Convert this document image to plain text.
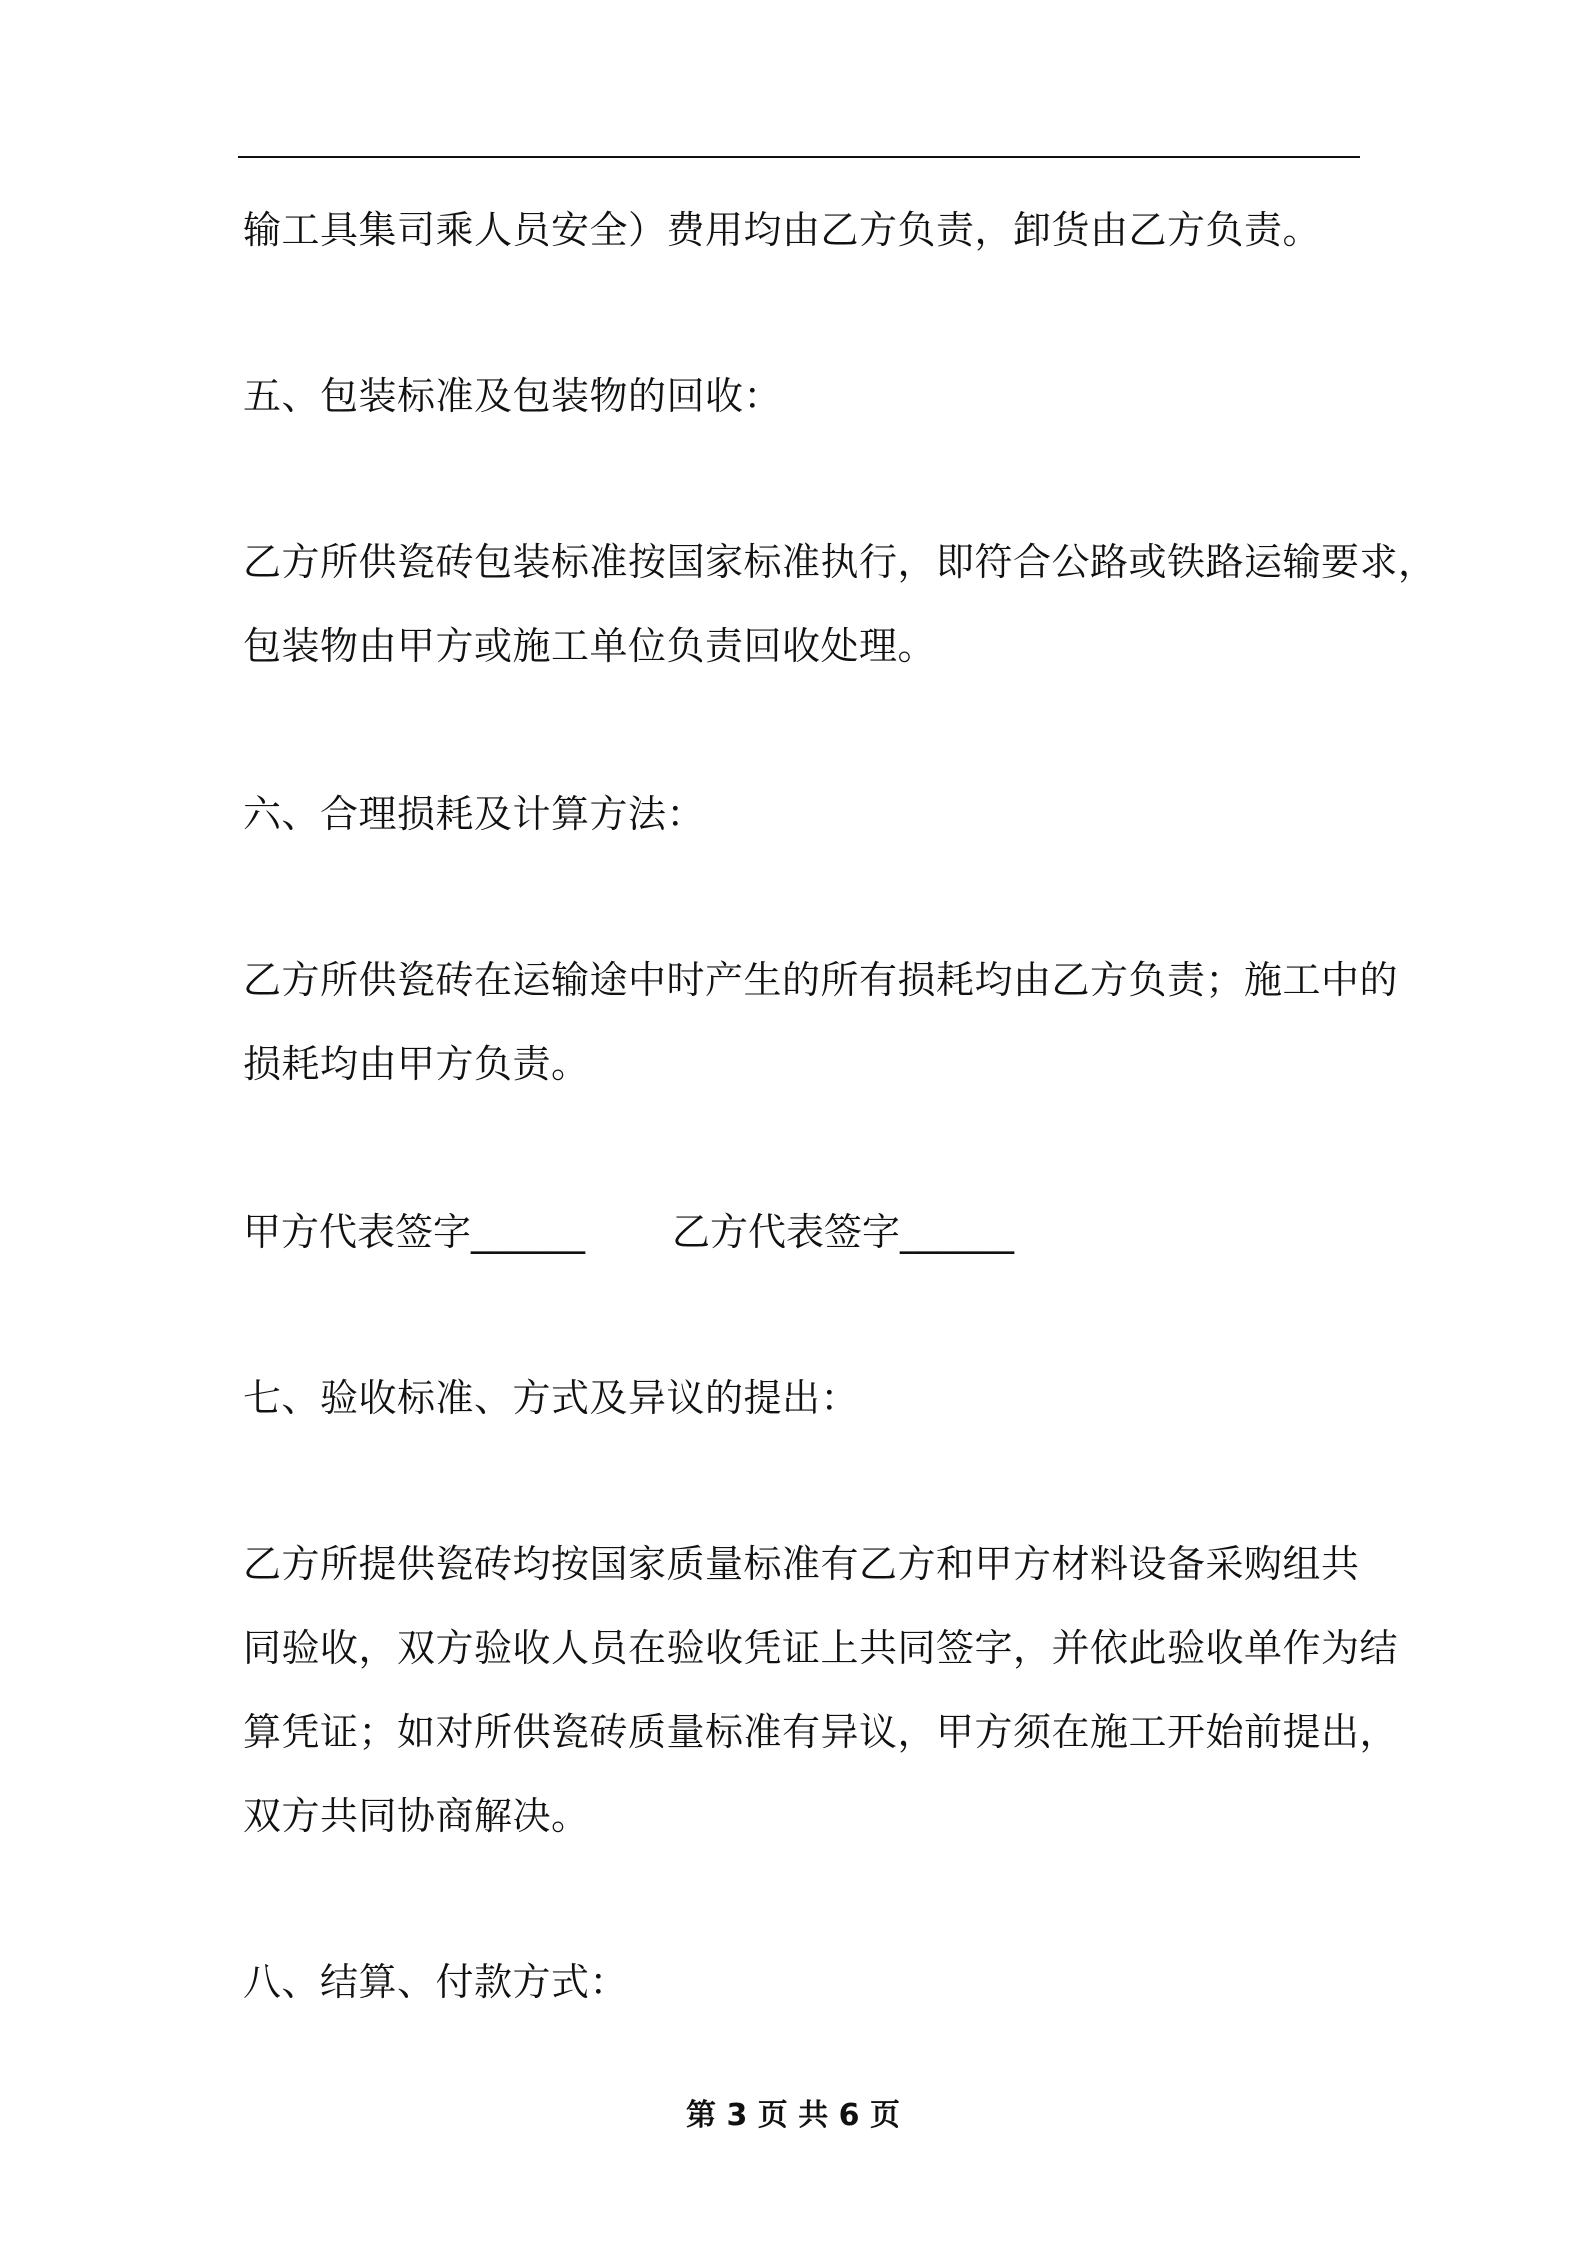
输工具集司乘人员安全）费用均由乙方负责，卸货由乙方负责。
五、包装标准及包装物的回收：
乙方所供瓷砖包装标准按国家标准执行，即符合公路或铁路运输要求，
包装物由甲方或施工单位负责回收处理。
六、合理损耗及计算方法：
乙方所供瓷砖在运输途中时产生的所有损耗均由乙方负责；施工中的
损耗均由甲方负责。
甲方代表签字______ 乙方代表签字______
七、验收标准、方式及异议的提出：
乙方所提供瓷砖均按国家质量标准有乙方和甲方材料设备采购组共
同验收，双方验收人员在验收凭证上共同签字，并依此验收单作为结
算凭证；如对所供瓷砖质量标准有异议，甲方须在施工开始前提出，
双方共同协商解决。
八、结算、付款方式：
第 3 页 共 6 页
